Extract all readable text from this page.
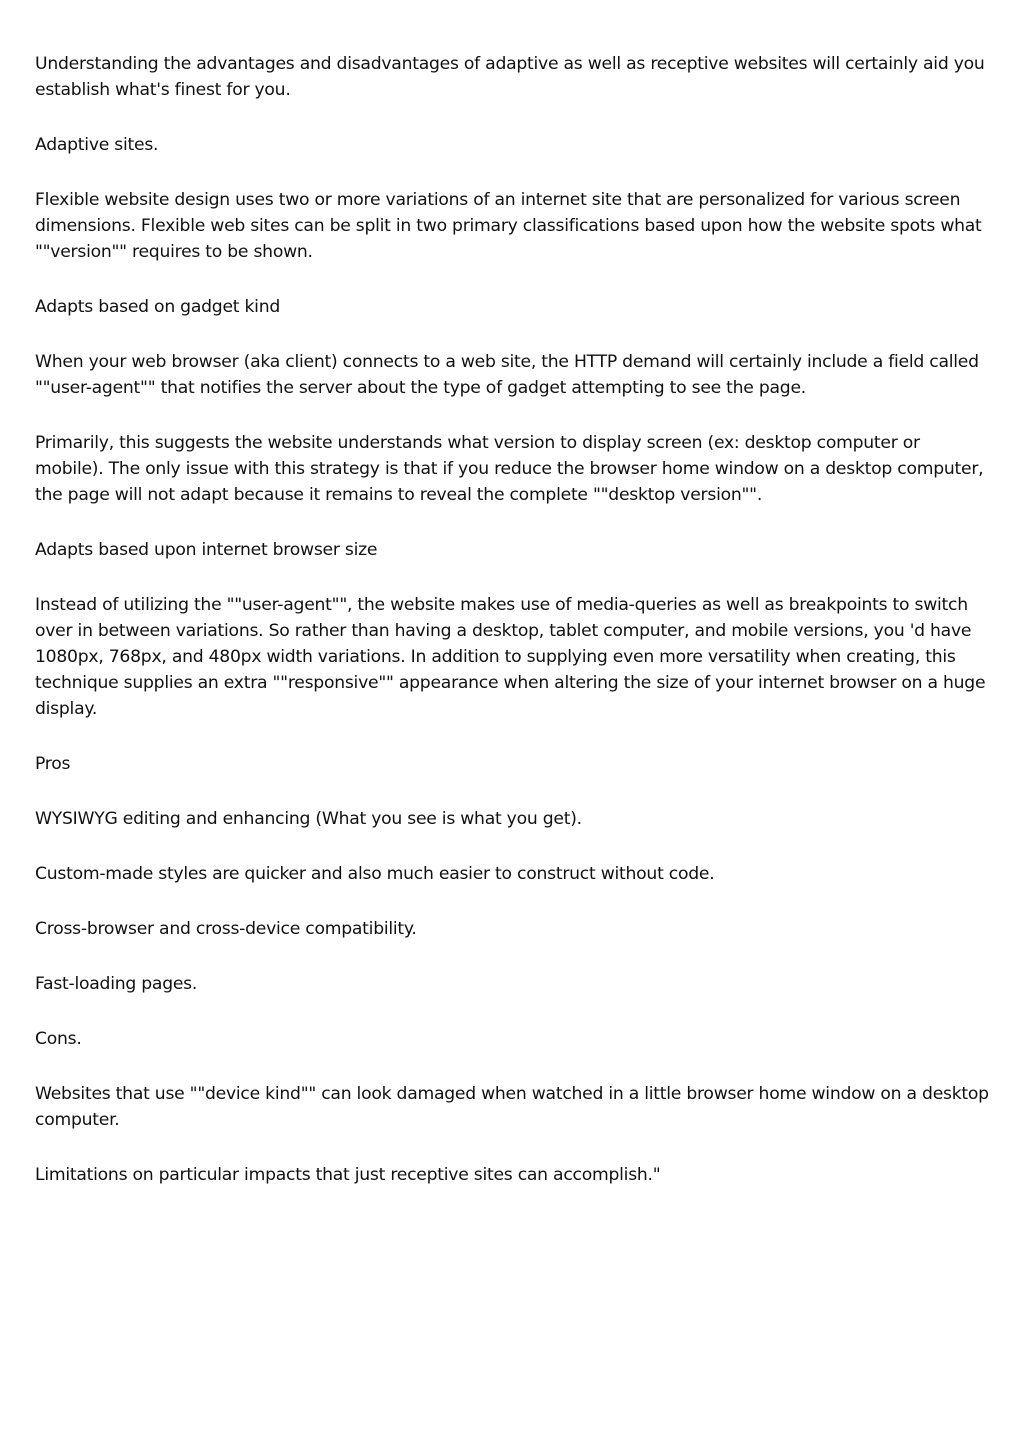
Understanding the advantages and disadvantages of adaptive as well as receptive websites will certainly aid you establish what's finest for you.

Adaptive sites.

Flexible website design uses two or more variations of an internet site that are personalized for various screen dimensions. Flexible web sites can be split in two primary classifications based upon how the website spots what ""version"" requires to be shown.

Adapts based on gadget kind

When your web browser (aka client) connects to a web site, the HTTP demand will certainly include a field called ""user-agent"" that notifies the server about the type of gadget attempting to see the page.

Primarily, this suggests the website understands what version to display screen (ex: desktop computer or mobile). The only issue with this strategy is that if you reduce the browser home window on a desktop computer, the page will not adapt because it remains to reveal the complete ""desktop version"".

Adapts based upon internet browser size

Instead of utilizing the ""user-agent"", the website makes use of media-queries as well as breakpoints to switch over in between variations. So rather than having a desktop, tablet computer, and mobile versions, you 'd have 1080px, 768px, and 480px width variations. In addition to supplying even more versatility when creating, this technique supplies an extra ""responsive"" appearance when altering the size of your internet browser on a huge display.

Pros

WYSIWYG editing and enhancing (What you see is what you get).

Custom-made styles are quicker and also much easier to construct without code.

Cross-browser and cross-device compatibility.

Fast-loading pages.

Cons.

Websites that use ""device kind"" can look damaged when watched in a little browser home window on a desktop computer.

Limitations on particular impacts that just receptive sites can accomplish."
